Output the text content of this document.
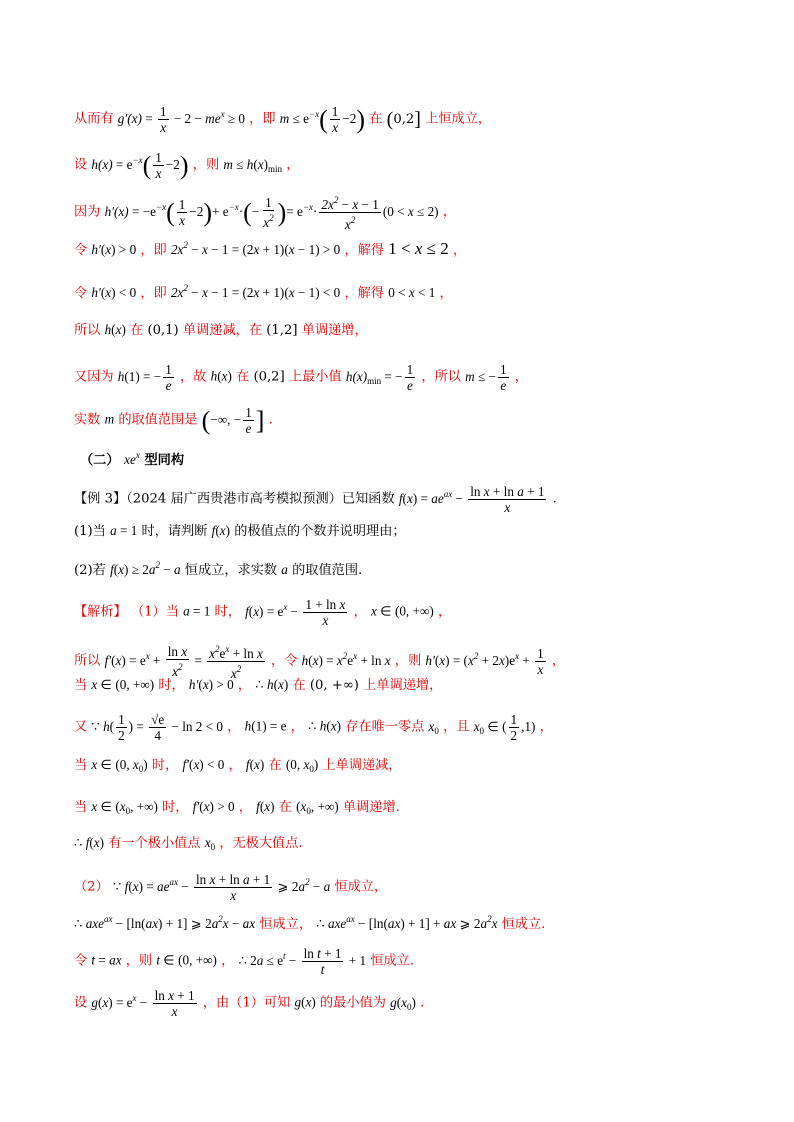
从而有 $g'(x) = \frac{1}{x} - 2 - me^x \ge 0$ ，即 $m \le e^{-x}( \frac{1}{x} -2)$ 在 (0,2] 上恒成立，
设 $h(x) = e^{-x}( \frac{1}{x} -2)$ ，则 $m \le h(x)_{min}$ ，
因为 $h'(x) = -e^{-x}( \frac{1}{x} -2)+ e^{-x}\cdot(- \frac{1}{x^2}$ )= $e^{-x}\cdot \frac{2x^2 - x - 1}{x^2} (0 < x \le 2)$ ，
令 h′(x) > 0 ，即 $2x^2 - x - 1 = (2x + 1)(x - 1) > 0$ ，解得 1 < x ≤ 2 ，
令 h′(x) < 0 ，即 $2x^2 - x - 1 = (2x + 1)(x - 1) < 0$ ，解得 0 < x < 1 ，
所以 h(x) 在 (0,1) 单调递减，在 (1,2] 单调递增，
又因为 h(1) = − $\frac{1}{e}$ ，故 h(x) 在 (0,2] 上最小值 $h(x)_{min}$ = − $\frac{1}{e}$ ，所以 m ≤ − $\frac{1}{e}$ ，
实数 m 的取值范围是 (−∞, − $\frac{1}{e}$ ] .
（二） $xe^x$ 型同构
【例 3】（2024 届广西贵港市高考模拟预测）已知函数 $f(x) = ae^{ax} - \frac{\text{ln x + ln a + 1}}{x}$ .
(1)当 a = 1 时，请判断 f(x) 的极值点的个数并说明理由；
(2)若 $f(x) \ge 2a^2 - a$ 恒成立，求实数 a 的取值范围.
【解析】 （1）当 a = 1 时， $f(x) = e^x - \frac{\text{1 + ln x}}{x}$ ， x ∈ (0, +∞) ，
所以 $f'(x) = e^x + \frac{\text{ln x}}{x^2} = \frac{x^2e^x + \ln x}{x^2}$ ，令 $h(x) = x^2e^x + \ln x$ ，则 $h'(x) = (x^2 + 2x)e^x + \frac{1}{x}$ ，
当 x ∈ (0, +∞) 时， h′(x) > 0 ， ∴ h(x) 在 (0, +∞) 上单调递增，
又 ∵ $h( \frac{1}{2}$ ) = $\frac{√e}{4} - \ln 2 < 0$ ， h(1) = e ， ∴ h(x) 存在唯一零点 $x_0$ ，且 $x_0$ ∈ ( $\frac{1}{2} ,1$) ，
当 x ∈ (0, $x_0$) 时， f′(x) < 0 ， f(x) 在 (0, $x_0$) 上单调递减，
当 x ∈ ($x_0$, +∞) 时， f′(x) > 0 ， f(x) 在 ($x_0$, +∞) 单调递增.
∴ f(x) 有一个极小值点 $x_0$ ，无极大值点.
（2） ∵ $f(x) = ae^{ax} - \frac{\text{ln x + ln a + 1}}{x}$ ⩾ $2a^2 - a$ 恒成立，
∴ axe$^{ax}$ − [ln(ax) + 1] ⩾ $2a^2x$ − ax 恒成立， ∴ axe$^{ax}$ − [ln(ax) + 1] + ax ⩾ $2a^2x$ 恒成立.
令 t = ax ，则 t ∈ (0, +∞) ， ∴ $2a \le e^t - \frac{\text{ln t + 1}}{t} + 1$ 恒成立.
设 $g(x) = e^x - \frac{\text{ln x + 1}}{x}$ ，由（1）可知 g(x) 的最小值为 $g(x_0)$ .
